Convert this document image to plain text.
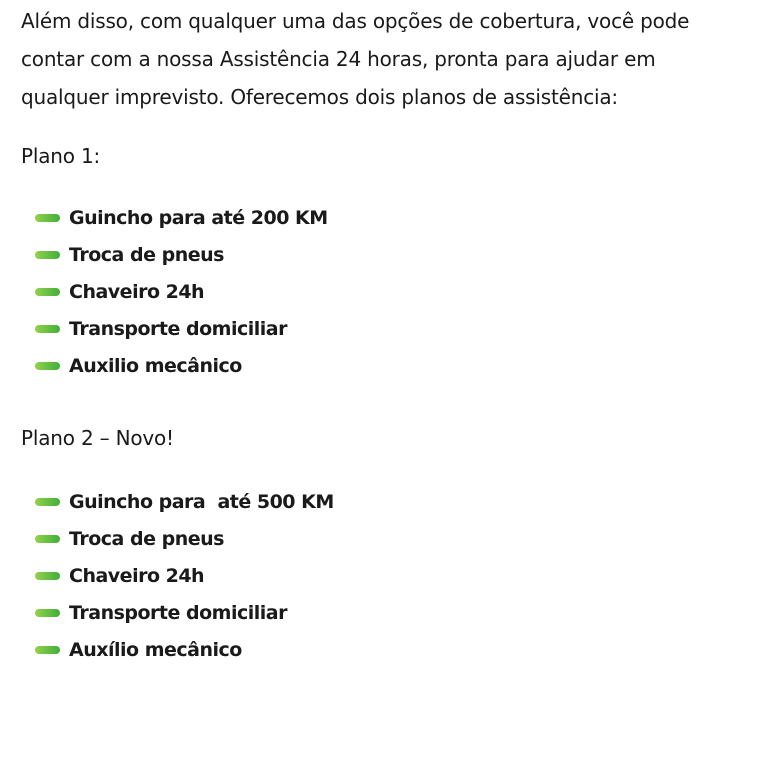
Além disso, com qualquer uma das opções de cobertura, você pode
contar com a nossa Assistência 24 horas, pronta para ajudar em
qualquer imprevisto. Oferecemos dois planos de assistência:

Plano 1:

Guincho para até 200 KM
Troca de pneus
Chaveiro 24h
Transporte domiciliar
Auxilio mecânico

Plano 2 – Novo!

Guincho para  até 500 KM
Troca de pneus
Chaveiro 24h
Transporte domiciliar
Auxílio mecânico
